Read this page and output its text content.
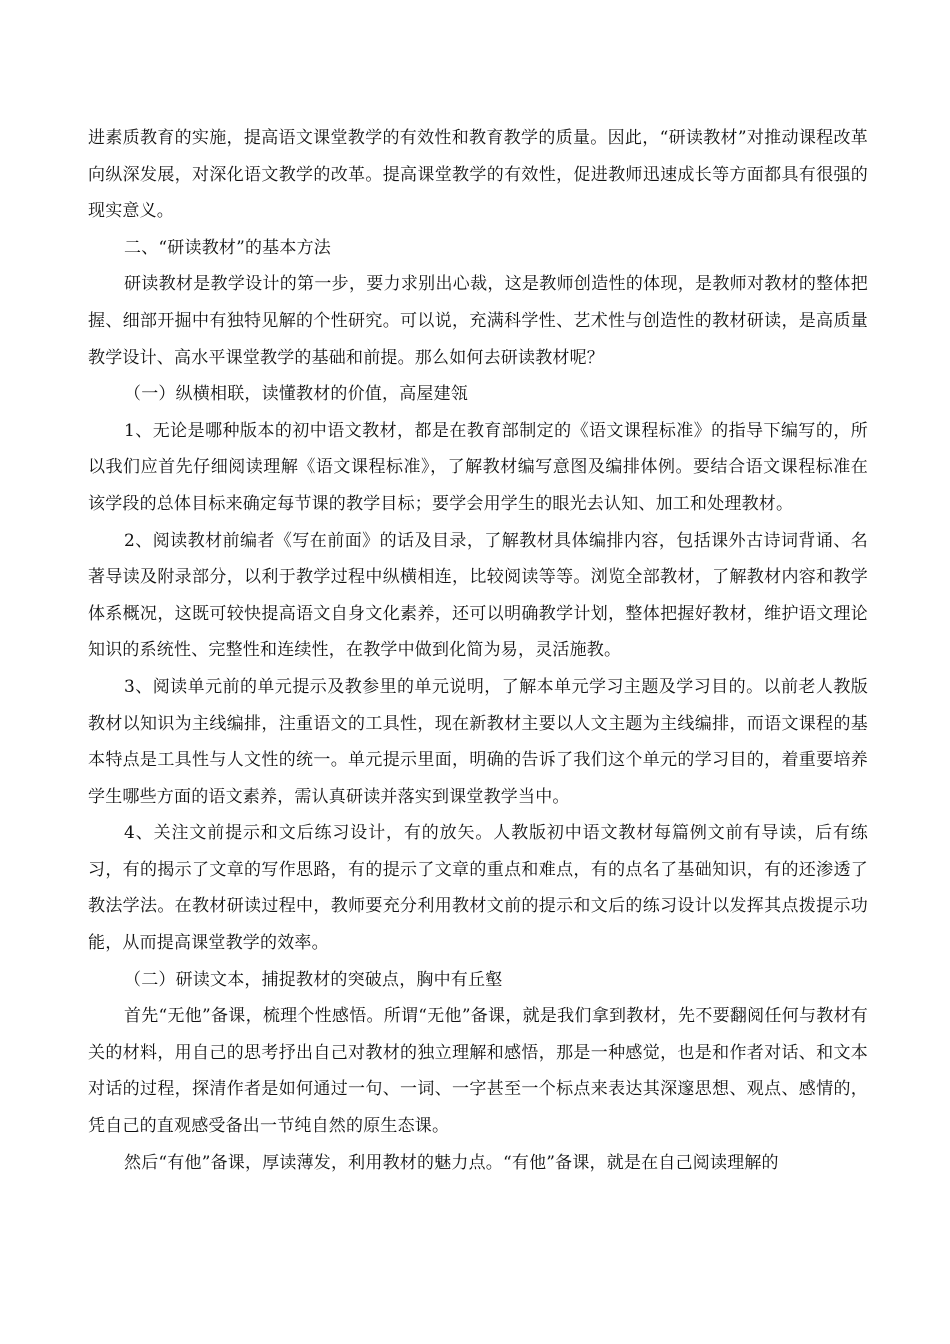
进素质教育的实施，提高语文课堂教学的有效性和教育教学的质量。因此，“研读教材”对推动课程改革向纵深发展，对深化语文教学的改革。提高课堂教学的有效性，促进教师迅速成长等方面都具有很强的现实意义。

二、“研读教材”的基本方法

研读教材是教学设计的第一步，要力求别出心裁，这是教师创造性的体现，是教师对教材的整体把握、细部开掘中有独特见解的个性研究。可以说，充满科学性、艺术性与创造性的教材研读，是高质量教学设计、高水平课堂教学的基础和前提。那么如何去研读教材呢？

（一）纵横相联，读懂教材的价值，高屋建瓴

1、无论是哪种版本的初中语文教材，都是在教育部制定的《语文课程标准》的指导下编写的，所以我们应首先仔细阅读理解《语文课程标准》，了解教材编写意图及编排体例。要结合语文课程标准在该学段的总体目标来确定每节课的教学目标；要学会用学生的眼光去认知、加工和处理教材。

2、阅读教材前编者《写在前面》的话及目录，了解教材具体编排内容，包括课外古诗词背诵、名著导读及附录部分，以利于教学过程中纵横相连，比较阅读等等。浏览全部教材，了解教材内容和教学体系概况，这既可较快提高语文自身文化素养，还可以明确教学计划，整体把握好教材，维护语文理论知识的系统性、完整性和连续性，在教学中做到化简为易，灵活施教。

3、阅读单元前的单元提示及教参里的单元说明，了解本单元学习主题及学习目的。以前老人教版教材以知识为主线编排，注重语文的工具性，现在新教材主要以人文主题为主线编排，而语文课程的基本特点是工具性与人文性的统一。单元提示里面，明确的告诉了我们这个单元的学习目的，着重要培养学生哪些方面的语文素养，需认真研读并落实到课堂教学当中。

4、关注文前提示和文后练习设计，有的放矢。人教版初中语文教材每篇例文前有导读，后有练习，有的揭示了文章的写作思路，有的提示了文章的重点和难点，有的点名了基础知识，有的还渗透了教法学法。在教材研读过程中，教师要充分利用教材文前的提示和文后的练习设计以发挥其点拨提示功能，从而提高课堂教学的效率。

（二）研读文本，捕捉教材的突破点，胸中有丘壑

首先“无他”备课，梳理个性感悟。所谓“无他”备课，就是我们拿到教材，先不要翻阅任何与教材有关的材料，用自己的思考抒出自己对教材的独立理解和感悟，那是一种感觉，也是和作者对话、和文本对话的过程，探清作者是如何通过一句、一词、一字甚至一个标点来表达其深邃思想、观点、感情的，凭自己的直观感受备出一节纯自然的原生态课。

然后“有他”备课，厚读薄发，利用教材的魅力点。“有他”备课，就是在自己阅读理解的
